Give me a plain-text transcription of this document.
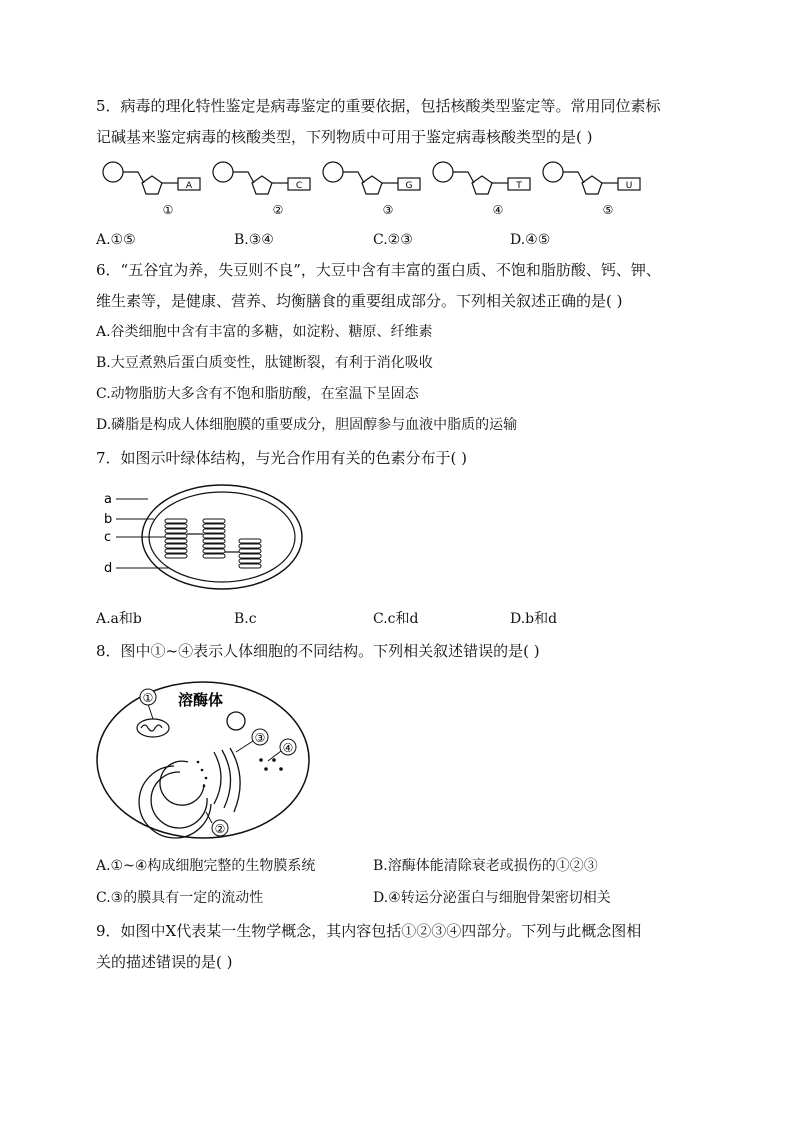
5．病毒的理化特性鉴定是病毒鉴定的重要依据，包括核酸类型鉴定等。常用同位素标
记碱基来鉴定病毒的核酸类型，下列物质中可用于鉴定病毒核酸类型的是( )
A
①
C
②
G
③
T
④
U
⑤
A.①⑤	B.③④	C.②③	D.④⑤
6．“五谷宜为养，失豆则不良”，大豆中含有丰富的蛋白质、不饱和脂肪酸、钙、钾、
维生素等，是健康、营养、均衡膳食的重要组成部分。下列相关叙述正确的是( )
A.谷类细胞中含有丰富的多糖，如淀粉、糖原、纤维素
B.大豆煮熟后蛋白质变性，肽键断裂，有利于消化吸收
C.动物脂肪大多含有不饱和脂肪酸，在室温下呈固态
D.磷脂是构成人体细胞膜的重要成分，胆固醇参与血液中脂质的运输
7．如图示叶绿体结构，与光合作用有关的色素分布于( )
a
b
c
d
A.a和b	B.c	C.c和d	D.b和d
8．图中①~④表示人体细胞的不同结构。下列相关叙述错误的是( )
溶酶体
①
②
③
④
A.①~④构成细胞完整的生物膜系统	B.溶酶体能清除衰老或损伤的①②③
C.③的膜具有一定的流动性	D.④转运分泌蛋白与细胞骨架密切相关
9．如图中X代表某一生物学概念，其内容包括①②③④四部分。下列与此概念图相
关的描述错误的是( )
